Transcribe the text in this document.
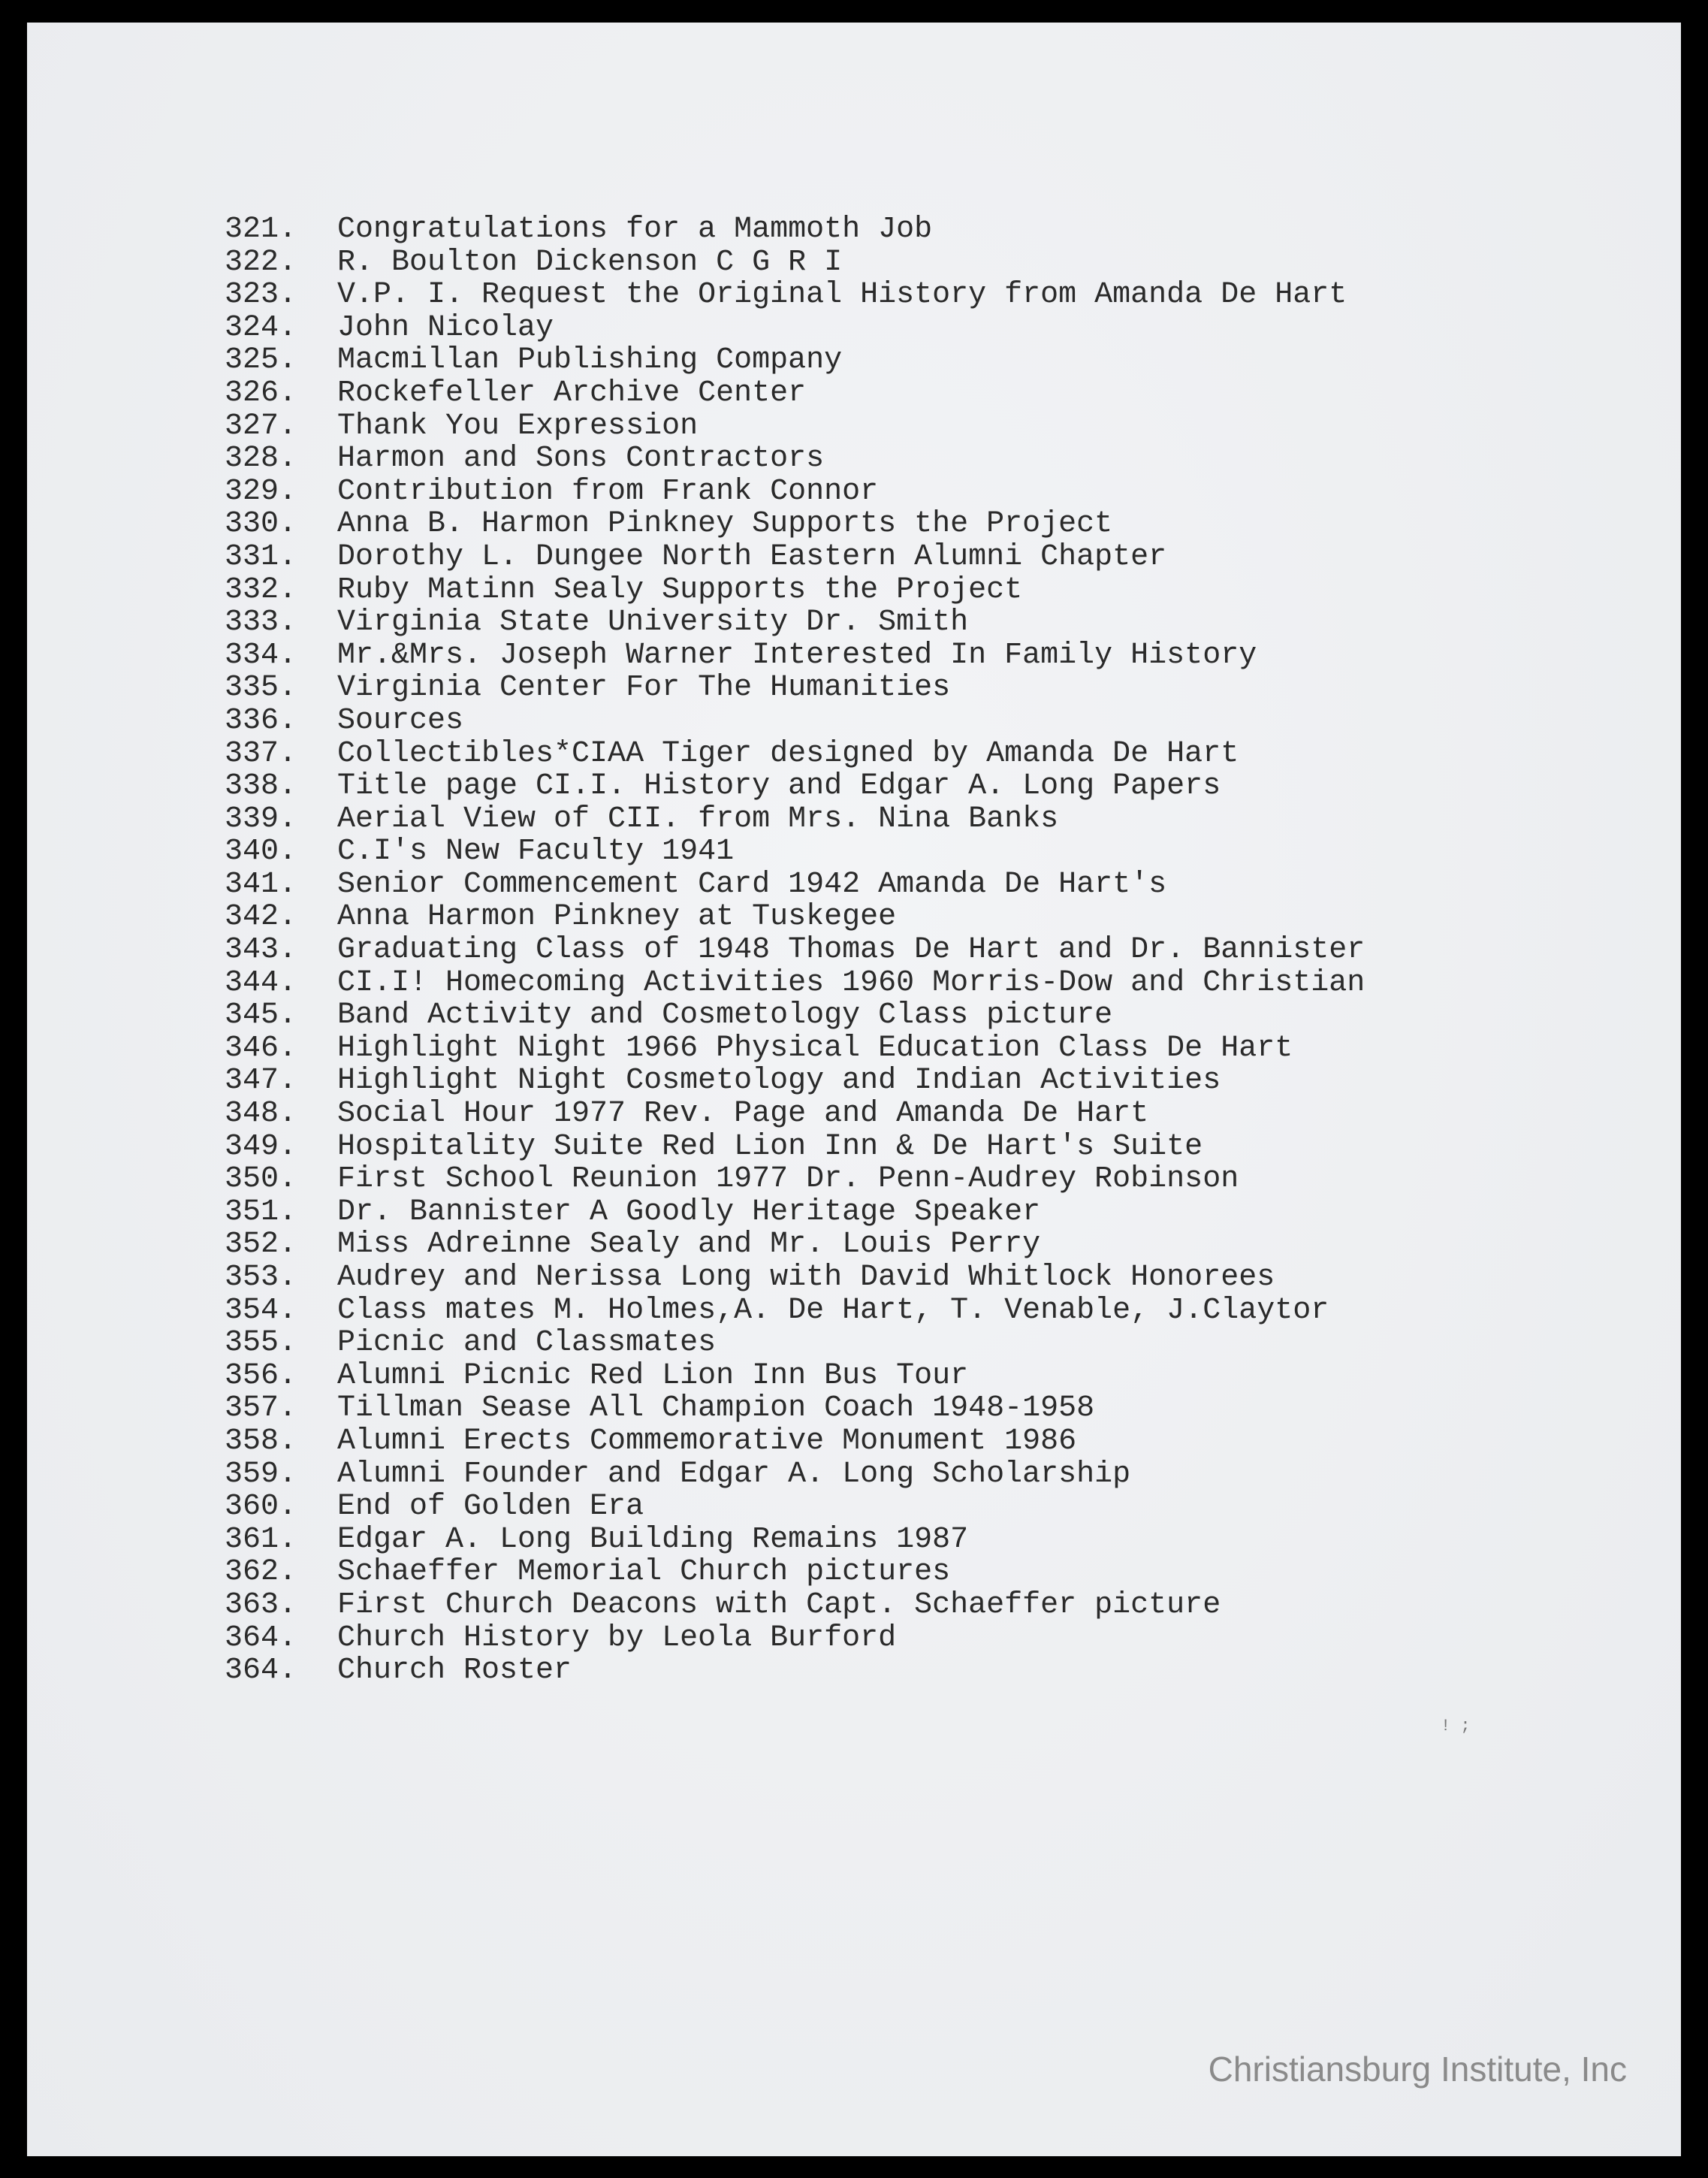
321.	Congratulations for a Mammoth Job
322.	R. Boulton Dickenson C G R I
323.	V.P. I. Request the Original History from Amanda De Hart
324.	John Nicolay
325.	Macmillan Publishing Company
326.	Rockefeller Archive Center
327.	Thank You Expression
328.	Harmon and Sons Contractors
329.	Contribution from Frank Connor
330.	Anna B. Harmon Pinkney Supports the Project
331.	Dorothy L. Dungee North Eastern Alumni Chapter
332.	Ruby Matinn Sealy Supports the Project
333.	Virginia State University Dr. Smith
334.	Mr.&Mrs. Joseph Warner Interested In Family History
335.	Virginia Center For The Humanities
336.	Sources
337.	Collectibles*CIAA Tiger designed by Amanda De Hart
338.	Title page CI.I. History and Edgar A. Long Papers
339.	Aerial View of CII. from Mrs. Nina Banks
340.	C.I's New Faculty 1941
341.	Senior Commencement Card 1942 Amanda De Hart's
342.	Anna Harmon Pinkney at Tuskegee
343.	Graduating Class of 1948 Thomas De Hart and Dr. Bannister
344.	CI.I! Homecoming Activities 1960 Morris-Dow and Christian
345.	Band Activity and Cosmetology Class picture
346.	Highlight Night 1966 Physical Education Class De Hart
347.	Highlight Night Cosmetology and Indian Activities
348.	Social Hour 1977 Rev. Page and Amanda De Hart
349.	Hospitality Suite Red Lion Inn & De Hart's Suite
350.	First School Reunion 1977 Dr. Penn-Audrey Robinson
351.	Dr. Bannister A Goodly Heritage Speaker
352.	Miss Adreinne Sealy and Mr. Louis Perry
353.	Audrey and Nerissa Long with David Whitlock Honorees
354.	Class mates M. Holmes,A. De Hart, T. Venable, J.Claytor
355.	Picnic and Classmates
356.	Alumni Picnic Red Lion Inn Bus Tour
357.	Tillman Sease All Champion Coach 1948-1958
358.	Alumni Erects Commemorative Monument 1986
359.	Alumni Founder and Edgar A. Long Scholarship
360.	End of Golden Era
361.	Edgar A. Long Building Remains 1987
362.	Schaeffer Memorial Church pictures
363.	First Church Deacons with Capt. Schaeffer picture
364.	Church History by Leola Burford
364.	Church Roster
! ;
Christiansburg Institute, Inc
